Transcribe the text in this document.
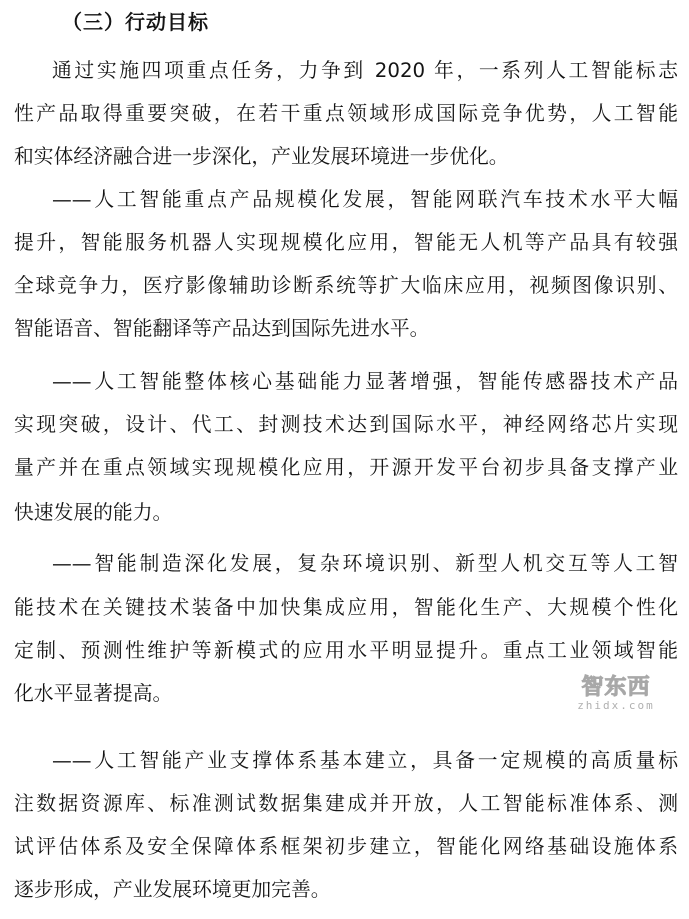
（三）行动目标
通过实施四项重点任务，力争到 2020 年，一系列人工智能标志
性产品取得重要突破，在若干重点领域形成国际竞争优势，人工智能
和实体经济融合进一步深化，产业发展环境进一步优化。
——人工智能重点产品规模化发展，智能网联汽车技术水平大幅
提升，智能服务机器人实现规模化应用，智能无人机等产品具有较强
全球竞争力，医疗影像辅助诊断系统等扩大临床应用，视频图像识别、
智能语音、智能翻译等产品达到国际先进水平。
——人工智能整体核心基础能力显著增强，智能传感器技术产品
实现突破，设计、代工、封测技术达到国际水平，神经网络芯片实现
量产并在重点领域实现规模化应用，开源开发平台初步具备支撑产业
快速发展的能力。
——智能制造深化发展，复杂环境识别、新型人机交互等人工智
能技术在关键技术装备中加快集成应用，智能化生产、大规模个性化
定制、预测性维护等新模式的应用水平明显提升。重点工业领域智能
化水平显著提高。
——人工智能产业支撑体系基本建立，具备一定规模的高质量标
注数据资源库、标准测试数据集建成并开放，人工智能标准体系、测
试评估体系及安全保障体系框架初步建立，智能化网络基础设施体系
逐步形成，产业发展环境更加完善。
智东西
zhidx.com
